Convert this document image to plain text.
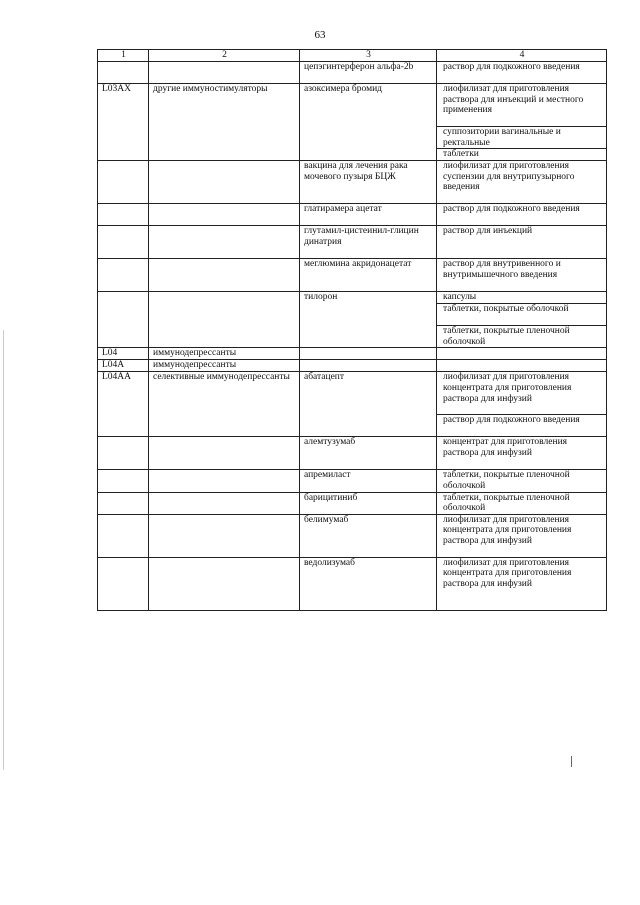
63
1	2	3	4
		цепэгинтерферон альфа-2b	раствор для подкожного введения
L03AX	другие иммуностимуляторы	азоксимера бромид	лиофилизат для приготовления раствора для инъекций и местного применения
			суппозитории вагинальные и ректальные
			таблетки
		вакцина для лечения рака мочевого пузыря БЦЖ	лиофилизат для приготовления суспензии для внутрипузырного введения
		глатирамера ацетат	раствор для подкожного введения
		глутамил-цистеинил-глицин динатрия	раствор для инъекций
		меглюмина акридонацетат	раствор для внутривенного и внутримышечного введения
		тилорон	капсулы
			таблетки, покрытые оболочкой
			таблетки, покрытые пленочной оболочкой
L04	иммунодепрессанты		
L04A	иммунодепрессанты		
L04AA	селективные иммунодепрессанты	абатацепт	лиофилизат для приготовления концентрата для приготовления раствора для инфузий
			раствор для подкожного введения
		алемтузумаб	концентрат для приготовления раствора для инфузий
		апремиласт	таблетки, покрытые пленочной оболочкой
		барицитиниб	таблетки, покрытые пленочной оболочкой
		белимумаб	лиофилизат для приготовления концентрата для приготовления раствора для инфузий
		ведолизумаб	лиофилизат для приготовления концентрата для приготовления раствора для инфузий
